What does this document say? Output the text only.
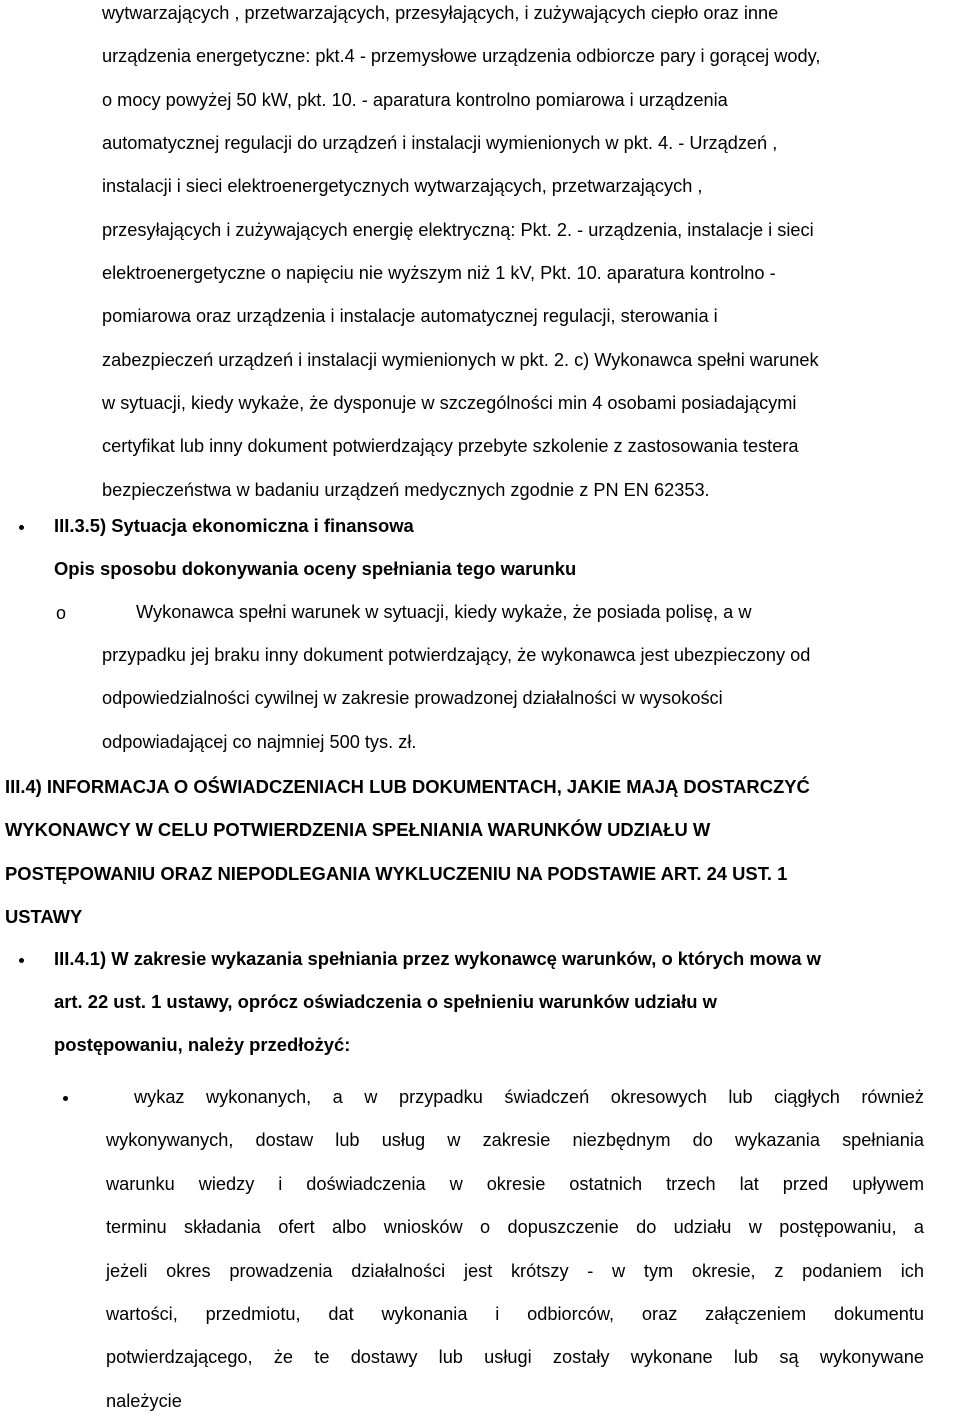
wytwarzających , przetwarzających, przesyłających, i zużywających ciepło oraz inne
urządzenia energetyczne: pkt.4 - przemysłowe urządzenia odbiorcze pary i gorącej wody,
o mocy powyżej 50 kW, pkt. 10. - aparatura kontrolno pomiarowa i urządzenia
automatycznej regulacji do urządzeń i instalacji wymienionych w pkt. 4. - Urządzeń ,
instalacji i sieci elektroenergetycznych wytwarzających, przetwarzających ,
przesyłających i zużywających energię elektryczną: Pkt. 2. - urządzenia, instalacje i sieci
elektroenergetyczne o napięciu nie wyższym niż 1 kV, Pkt. 10. aparatura kontrolno -
pomiarowa oraz urządzenia i instalacje automatycznej regulacji, sterowania i
zabezpieczeń urządzeń i instalacji wymienionych w pkt. 2. c) Wykonawca spełni warunek
w sytuacji, kiedy wykaże, że dysponuje w szczególności min 4 osobami posiadającymi
certyfikat lub inny dokument potwierdzający przebyte szkolenie z zastosowania testera
bezpieczeństwa w badaniu urządzeń medycznych zgodnie z PN EN 62353.

III.3.5) Sytuacja ekonomiczna i finansowa

Opis sposobu dokonywania oceny spełniania tego warunku

o	Wykonawca spełni warunek w sytuacji, kiedy wykaże, że posiada polisę, a w
przypadku jej braku inny dokument potwierdzający, że wykonawca jest ubezpieczony od
odpowiedzialności cywilnej w zakresie prowadzonej działalności w wysokości
odpowiadającej co najmniej 500 tys. zł.

III.4) INFORMACJA O OŚWIADCZENIACH LUB DOKUMENTACH, JAKIE MAJĄ DOSTARCZYĆ
WYKONAWCY W CELU POTWIERDZENIA SPEŁNIANIA WARUNKÓW UDZIAŁU W
POSTĘPOWANIU ORAZ NIEPODLEGANIA WYKLUCZENIU NA PODSTAWIE ART. 24 UST. 1
USTAWY

III.4.1) W zakresie wykazania spełniania przez wykonawcę warunków, o których mowa w
art. 22 ust. 1 ustawy, oprócz oświadczenia o spełnieniu warunków udziału w
postępowaniu, należy przedłożyć:

wykaz wykonanych, a w przypadku świadczeń okresowych lub ciągłych również
wykonywanych, dostaw lub usług w zakresie niezbędnym do wykazania spełniania
warunku wiedzy i doświadczenia w okresie ostatnich trzech lat przed upływem
terminu składania ofert albo wniosków o dopuszczenie do udziału w postępowaniu, a
jeżeli okres prowadzenia działalności jest krótszy - w tym okresie, z podaniem ich
wartości, przedmiotu, dat wykonania i odbiorców, oraz załączeniem dokumentu
potwierdzającego, że te dostawy lub usługi zostały wykonane lub są wykonywane
należycie
